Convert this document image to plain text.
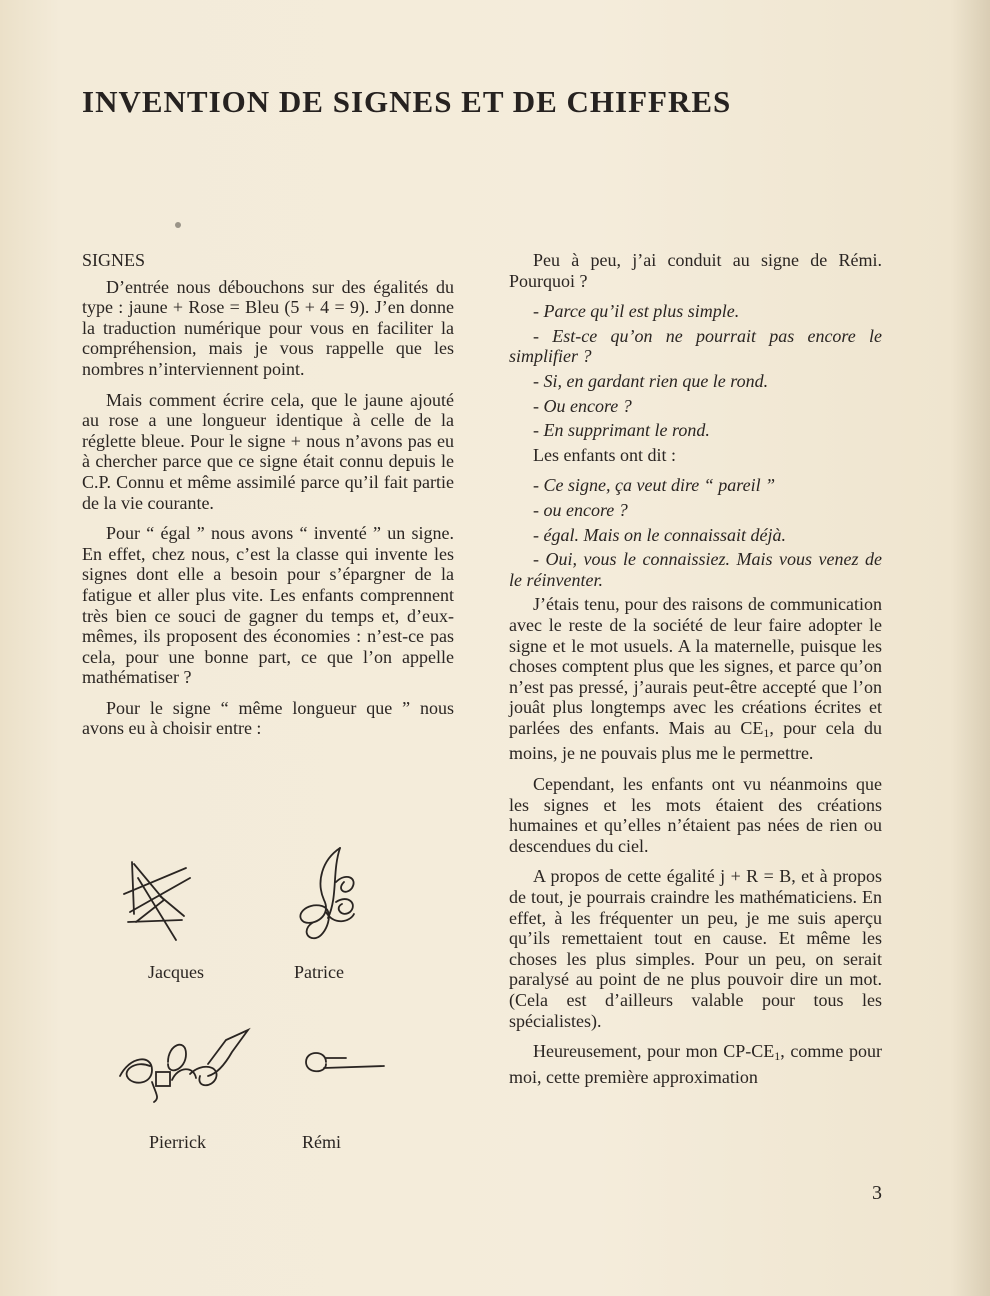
INVENTION DE SIGNES ET DE CHIFFRES

SIGNES

D’entrée nous débouchons sur des égalités du type : jaune + Rose = Bleu (5 + 4 = 9). J’en donne la traduction numérique pour vous en faciliter la compréhension, mais je vous rappelle que les nombres n’interviennent point.

Mais comment écrire cela, que le jaune ajouté au rose a une longueur identique à celle de la réglette bleue. Pour le signe + nous n’avons pas eu à chercher parce que ce signe était connu depuis le C.P. Connu et même assimilé parce qu’il fait partie de la vie courante.

Pour “ égal ” nous avons “ inventé ” un signe. En effet, chez nous, c’est la classe qui invente les signes dont elle a besoin pour s’épargner de la fatigue et aller plus vite. Les enfants comprennent très bien ce souci de gagner du temps et, d’eux-mêmes, ils proposent des économies : n’est-ce pas cela, pour une bonne part, ce que l’on appelle mathématiser ?

Pour le signe “ même longueur que ” nous avons eu à choisir entre :

Jacques	Patrice
Pierrick	Rémi

Peu à peu, j’ai conduit au signe de Rémi. Pourquoi ?

- Parce qu’il est plus simple.

- Est-ce qu’on ne pourrait pas encore le simplifier ?

- Si, en gardant rien que le rond.

- Ou encore ?

- En supprimant le rond.

Les enfants ont dit :

- Ce signe, ça veut dire “ pareil ”

- ou encore ?

- égal. Mais on le connaissait déjà.

- Oui, vous le connaissiez. Mais vous venez de le réinventer.

J’étais tenu, pour des raisons de communication avec le reste de la société de leur faire adopter le signe et le mot usuels. A la maternelle, puisque les choses comptent plus que les signes, et parce qu’on n’est pas pressé, j’aurais peut-être accepté que l’on jouât plus longtemps avec les créations écrites et parlées des enfants. Mais au $CE_1$, pour cela du moins, je ne pouvais plus me le permettre.

Cependant, les enfants ont vu néanmoins que les signes et les mots étaient des créations humaines et qu’elles n’étaient pas nées de rien ou descendues du ciel.

A propos de cette égalité j + R = B, et à propos de tout, je pourrais craindre les mathématiciens. En effet, à les fréquenter un peu, je me suis aperçu qu’ils remettaient tout en cause. Et même les choses les plus simples. Pour un peu, on serait paralysé au point de ne plus pouvoir dire un mot. (Cela est d’ailleurs valable pour tous les spécialistes).

Heureusement, pour mon $CP-CE_1$, comme pour moi, cette première approximation

3
